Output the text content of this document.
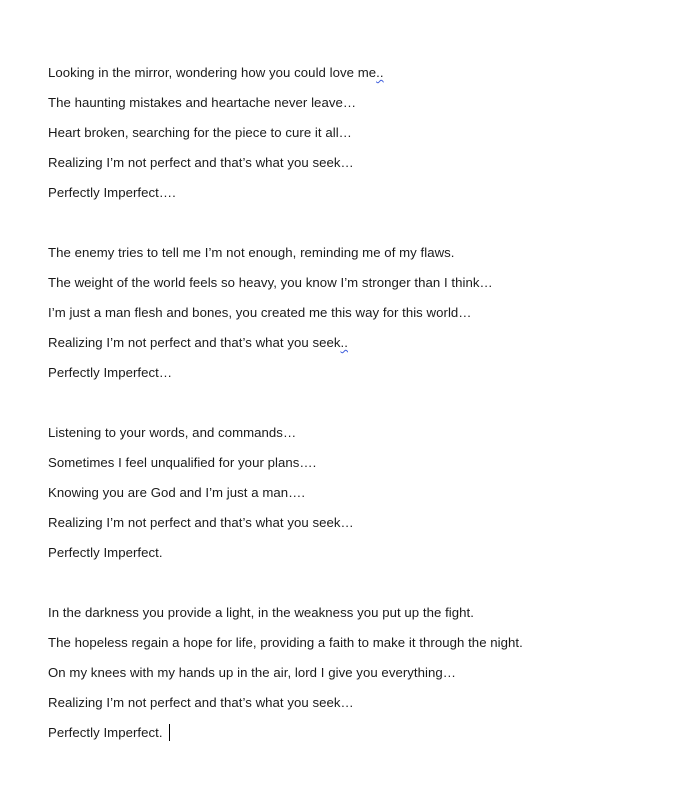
Looking in the mirror, wondering how you could love me..
The haunting mistakes and heartache never leave…
Heart broken, searching for the piece to cure it all…
Realizing I’m not perfect and that’s what you seek…
Perfectly Imperfect….
The enemy tries to tell me I’m not enough, reminding me of my flaws.
The weight of the world feels so heavy, you know I’m stronger than I think…
I’m just a man flesh and bones, you created me this way for this world…
Realizing I’m not perfect and that’s what you seek..
Perfectly Imperfect…
Listening to your words, and commands…
Sometimes I feel unqualified for your plans….
Knowing you are God and I’m just a man….
Realizing I’m not perfect and that’s what you seek…
Perfectly Imperfect.
In the darkness you provide a light, in the weakness you put up the fight.
The hopeless regain a hope for life, providing a faith to make it through the night.
On my knees with my hands up in the air, lord I give you everything…
Realizing I’m not perfect and that’s what you seek…
Perfectly Imperfect.
